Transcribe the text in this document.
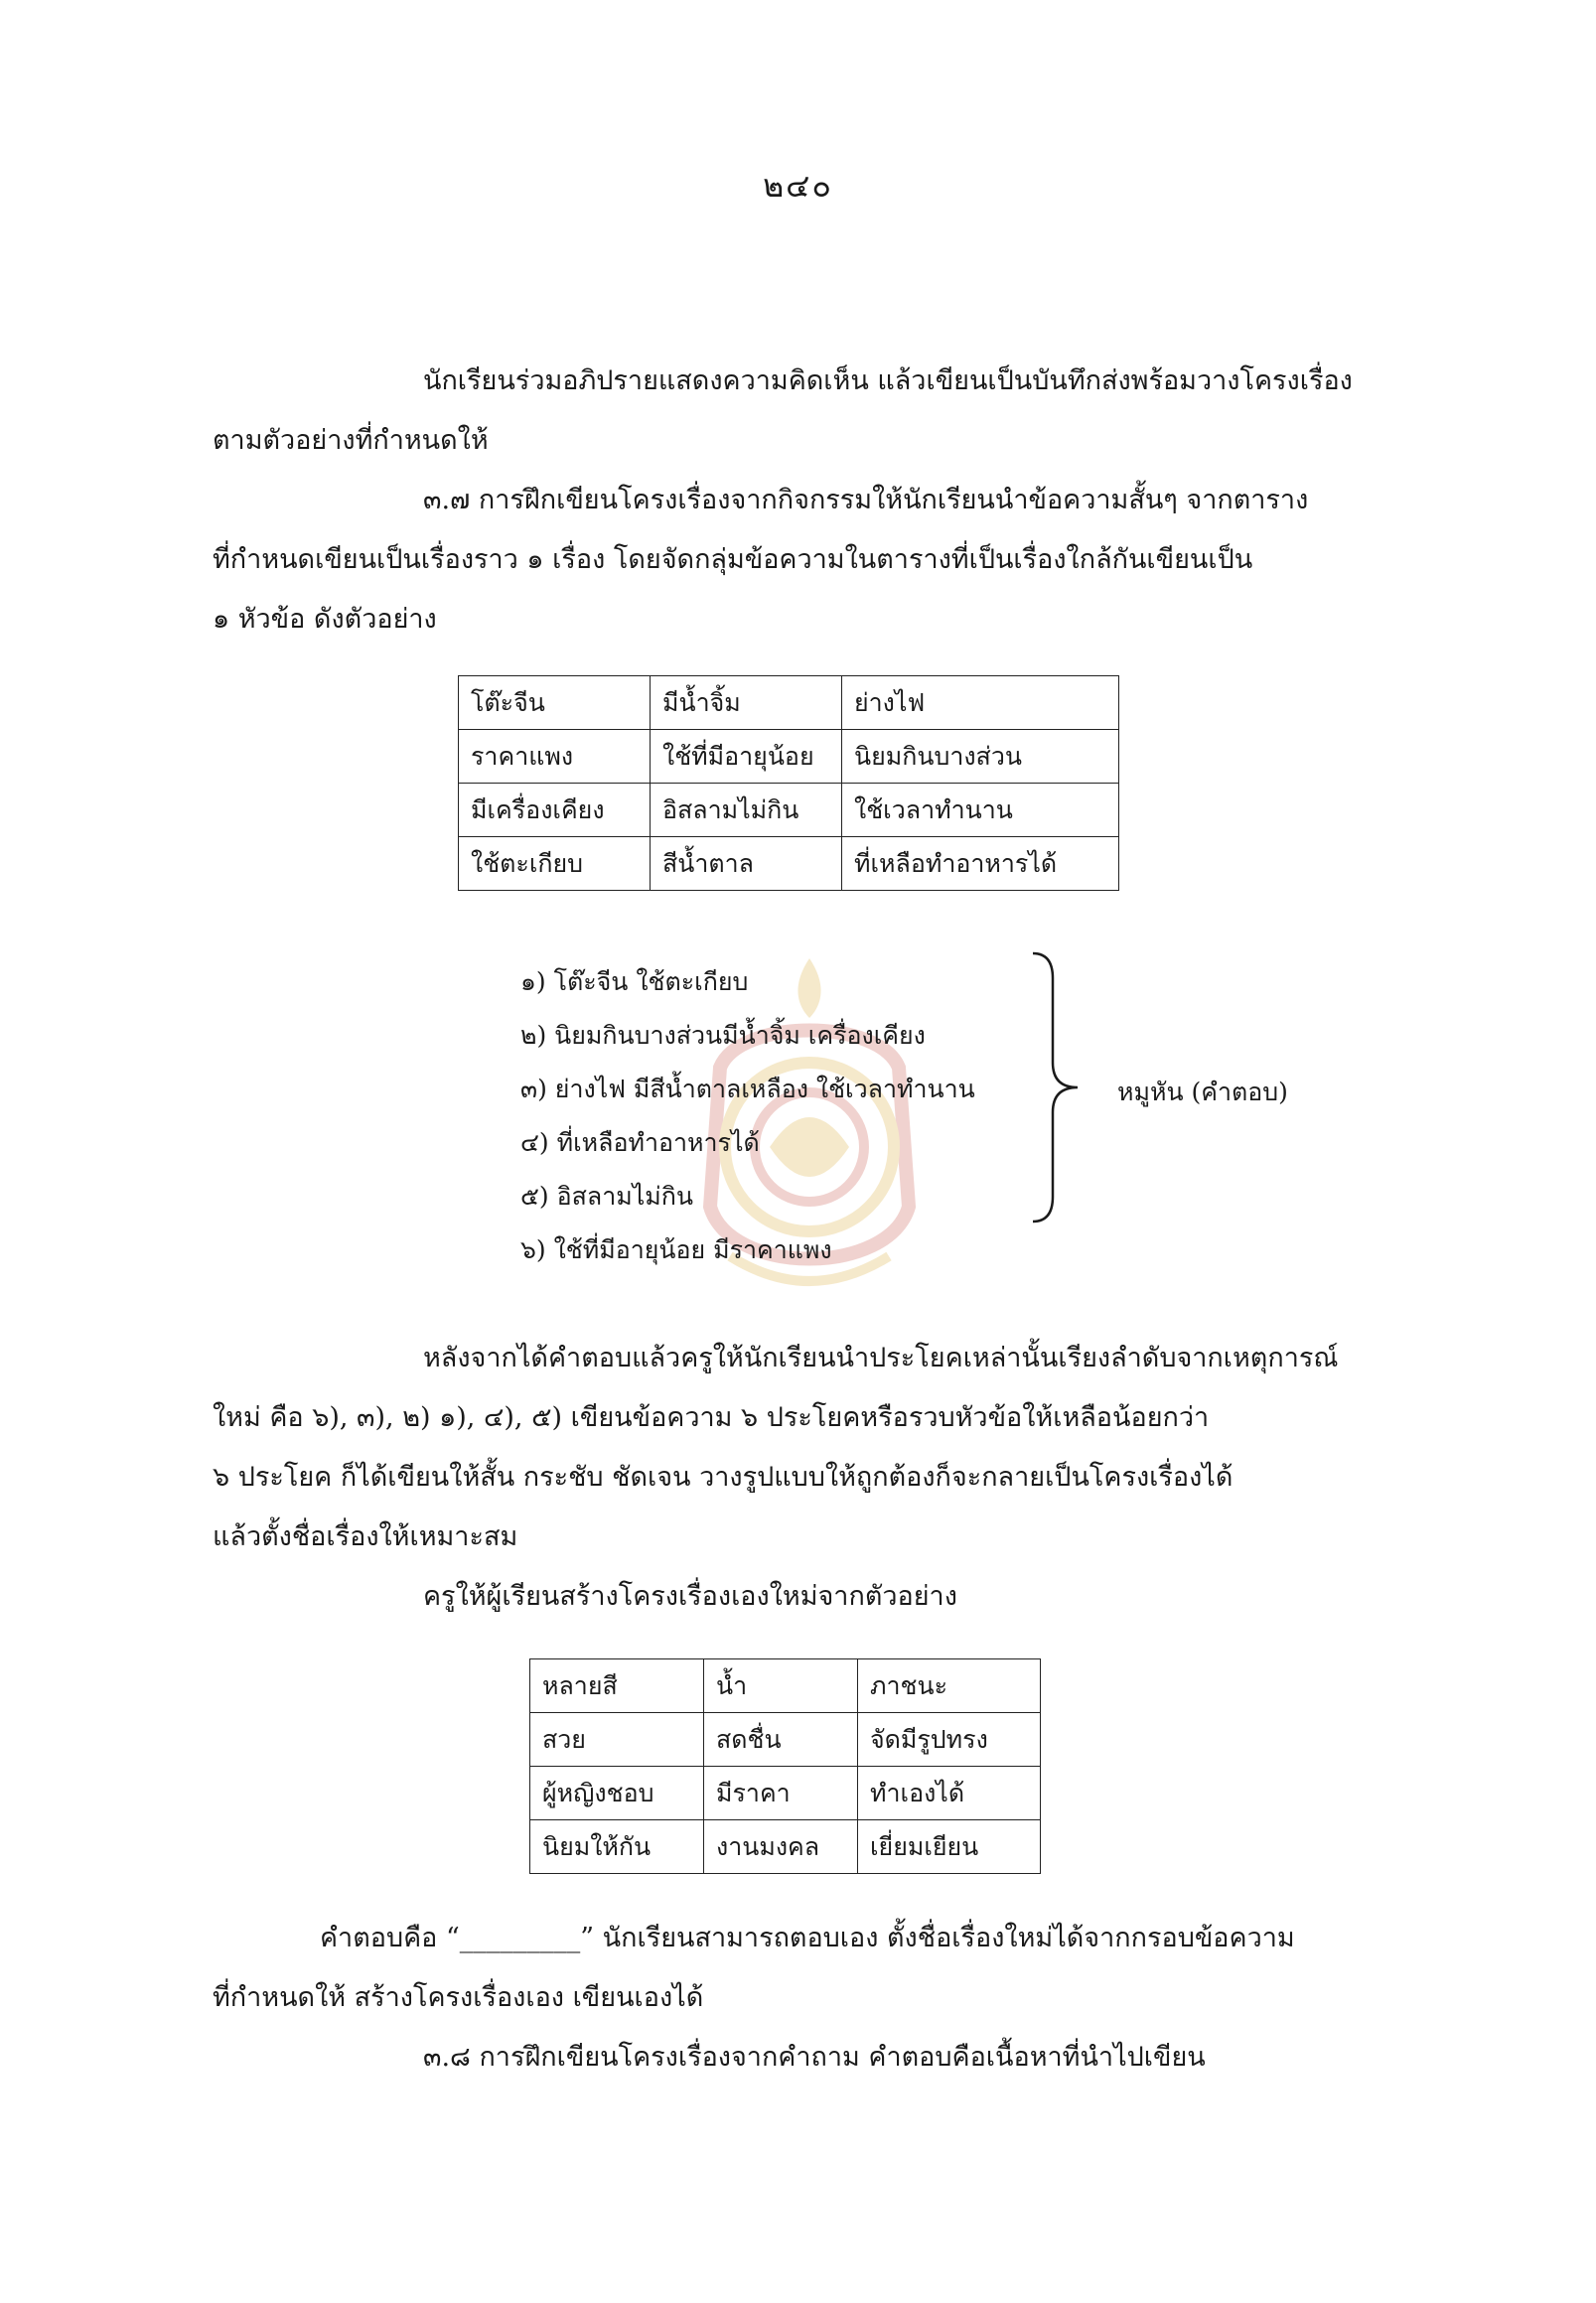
๒๔๐
นักเรียนร่วมอภิปรายแสดงความคิดเห็น แล้วเขียนเป็นบันทึกส่งพร้อมวางโครงเรื่อง
ตามตัวอย่างที่กำหนดให้
๓.๗ การฝึกเขียนโครงเรื่องจากกิจกรรมให้นักเรียนนำข้อความสั้นๆ จากตาราง
ที่กำหนดเขียนเป็นเรื่องราว ๑ เรื่อง โดยจัดกลุ่มข้อความในตารางที่เป็นเรื่องใกล้กันเขียนเป็น
๑ หัวข้อ ดังตัวอย่าง
โต๊ะจีน	มีน้ำจิ้ม	ย่างไฟ
ราคาแพง	ใช้ที่มีอายุน้อย	นิยมกินบางส่วน
มีเครื่องเคียง	อิสลามไม่กิน	ใช้เวลาทำนาน
ใช้ตะเกียบ	สีน้ำตาล	ที่เหลือทำอาหารได้
๑) โต๊ะจีน ใช้ตะเกียบ
๒) นิยมกินบางส่วนมีน้ำจิ้ม เครื่องเคียง
๓) ย่างไฟ มีสีน้ำตาลเหลือง ใช้เวลาทำนาน
๔) ที่เหลือทำอาหารได้
๕) อิสลามไม่กิน
๖) ใช้ที่มีอายุน้อย มีราคาแพง
หมูหัน (คำตอบ)
หลังจากได้คำตอบแล้วครูให้นักเรียนนำประโยคเหล่านั้นเรียงลำดับจากเหตุการณ์
ใหม่ คือ ๖), ๓), ๒) ๑), ๔), ๕) เขียนข้อความ ๖ ประโยคหรือรวบหัวข้อให้เหลือน้อยกว่า
๖ ประโยค ก็ได้เขียนให้สั้น กระชับ ชัดเจน วางรูปแบบให้ถูกต้องก็จะกลายเป็นโครงเรื่องได้
แล้วตั้งชื่อเรื่องให้เหมาะสม
ครูให้ผู้เรียนสร้างโครงเรื่องเองใหม่จากตัวอย่าง
หลายสี	น้ำ	ภาชนะ
สวย	สดชื่น	จัดมีรูปทรง
ผู้หญิงชอบ	มีราคา	ทำเองได้
นิยมให้กัน	งานมงคล	เยี่ยมเยียน
คำตอบคือ “_________” นักเรียนสามารถตอบเอง ตั้งชื่อเรื่องใหม่ได้จากกรอบข้อความ
ที่กำหนดให้ สร้างโครงเรื่องเอง เขียนเองได้
๓.๘ การฝึกเขียนโครงเรื่องจากคำถาม คำตอบคือเนื้อหาที่นำไปเขียน
